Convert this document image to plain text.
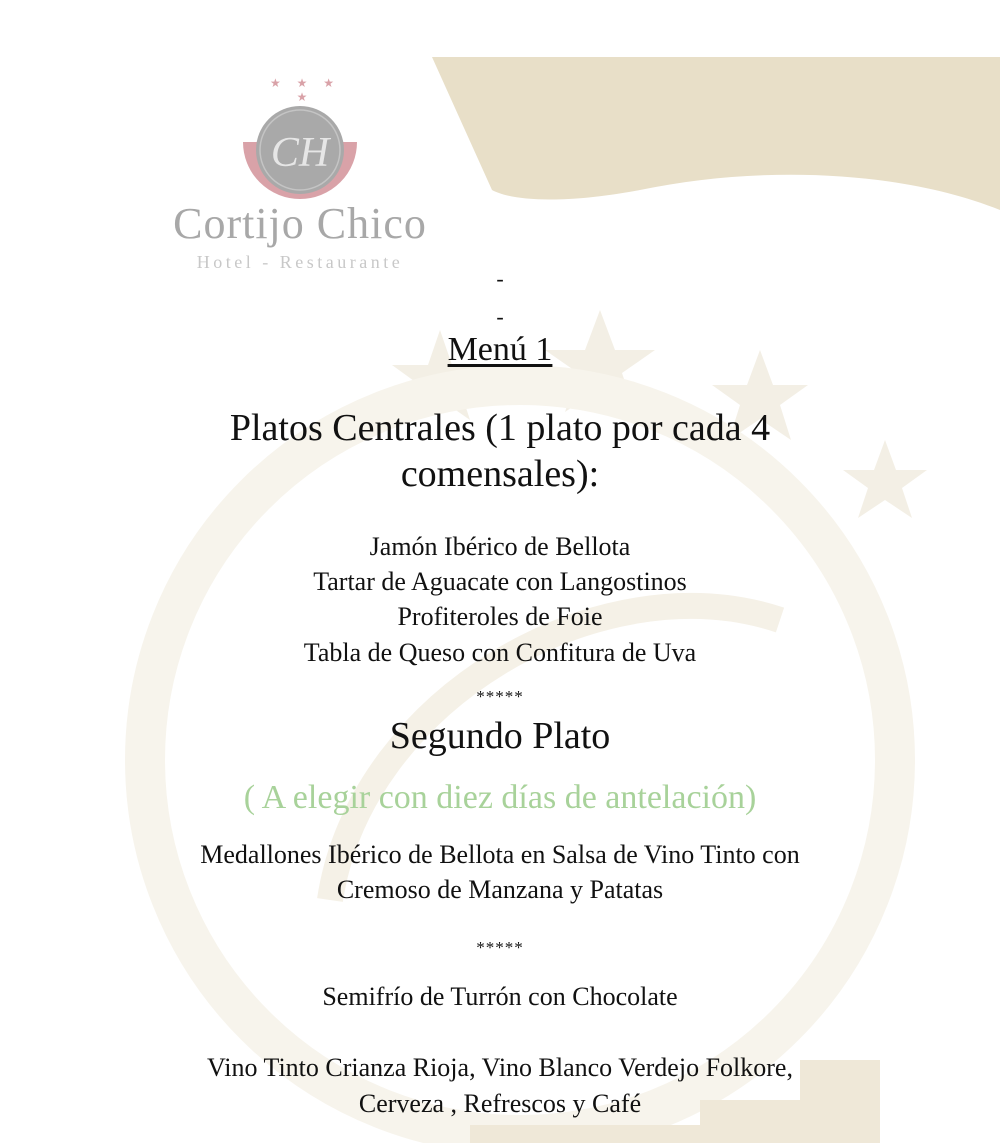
★ ★ ★ ★
CH
Cortijo Chico
Hotel - Restaurante
-
-
Menú 1
Platos Centrales (1 plato por cada 4
comensales):
Jamón Ibérico de Bellota
Tartar de Aguacate con Langostinos
Profiteroles de Foie
Tabla de Queso con Confitura de Uva
*****
Segundo Plato
( A elegir con diez días de antelación)
Medallones Ibérico de Bellota en Salsa de Vino Tinto con
Cremoso de Manzana y Patatas
*****
Semifrío de Turrón con Chocolate
Vino Tinto Crianza Rioja, Vino Blanco Verdejo Folkore,
Cerveza , Refrescos y Café
